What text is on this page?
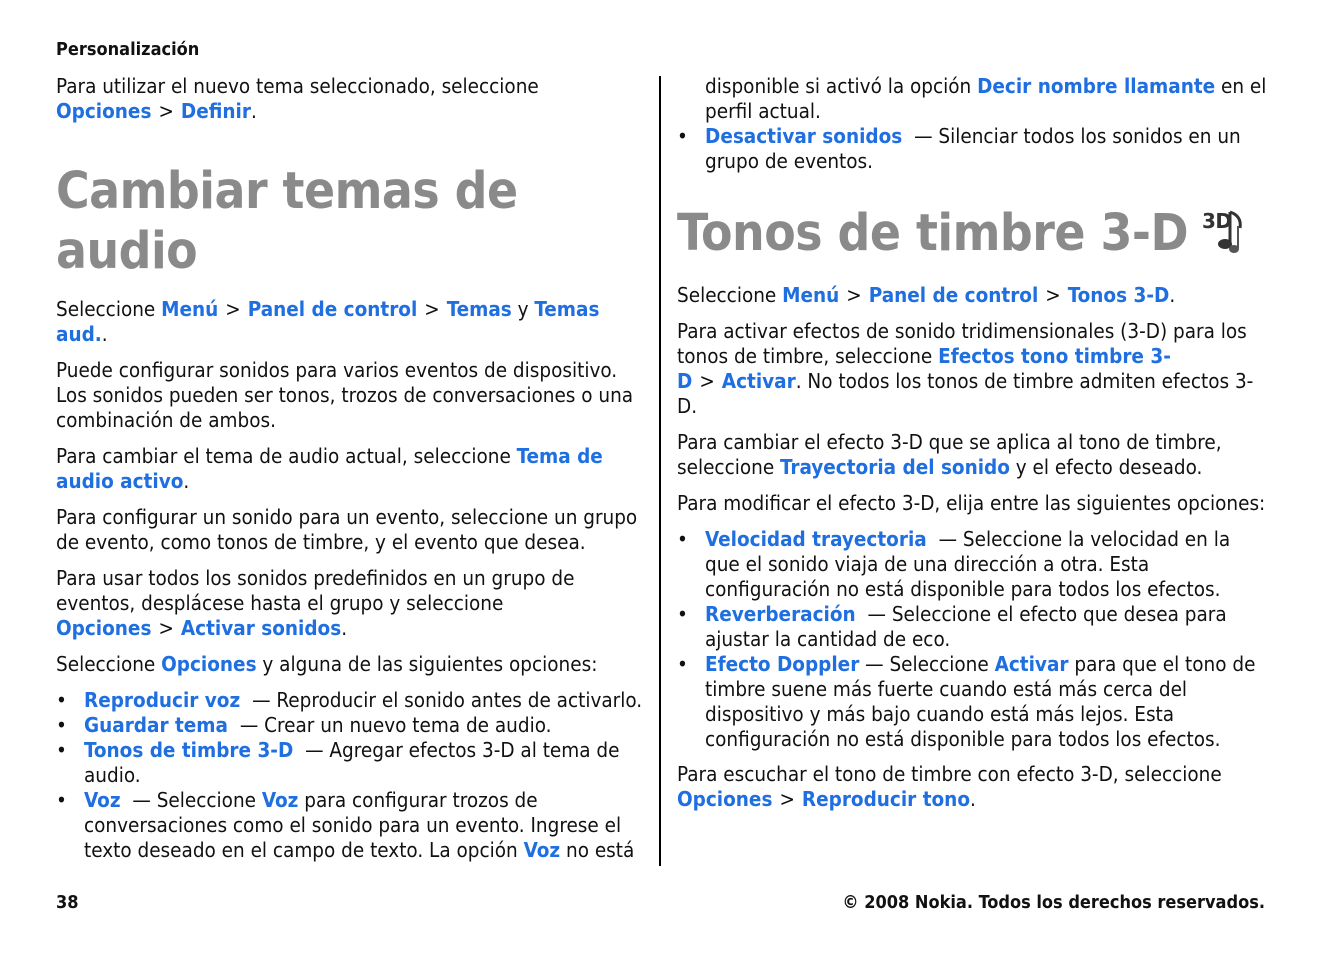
Personalización

Para utilizar el nuevo tema seleccionado, seleccione Opciones > Definir.

Cambiar temas de audio

Seleccione Menú > Panel de control > Temas y Temas aud..

Puede configurar sonidos para varios eventos de dispositivo. Los sonidos pueden ser tonos, trozos de conversaciones o una combinación de ambos.

Para cambiar el tema de audio actual, seleccione Tema de audio activo.

Para configurar un sonido para un evento, seleccione un grupo de evento, como tonos de timbre, y el evento que desea.

Para usar todos los sonidos predefinidos en un grupo de eventos, desplácese hasta el grupo y seleccione Opciones > Activar sonidos.

Seleccione Opciones y alguna de las siguientes opciones:

• Reproducir voz — Reproducir el sonido antes de activarlo.
• Guardar tema — Crear un nuevo tema de audio.
• Tonos de timbre 3-D — Agregar efectos 3-D al tema de audio.
• Voz — Seleccione Voz para configurar trozos de conversaciones como el sonido para un evento. Ingrese el texto deseado en el campo de texto. La opción Voz no está

disponible si activó la opción Decir nombre llamante en el perfil actual.

• Desactivar sonidos — Silenciar todos los sonidos en un grupo de eventos.
Tonos de timbre 3-D 3D

Seleccione Menú > Panel de control > Tonos 3-D.

Para activar efectos de sonido tridimensionales (3-D) para los tonos de timbre, seleccione Efectos tono timbre 3-D > Activar. No todos los tonos de timbre admiten efectos 3-D.

Para cambiar el efecto 3-D que se aplica al tono de timbre, seleccione Trayectoria del sonido y el efecto deseado.

Para modificar el efecto 3-D, elija entre las siguientes opciones:

• Velocidad trayectoria — Seleccione la velocidad en la que el sonido viaja de una dirección a otra. Esta configuración no está disponible para todos los efectos.
• Reverberación — Seleccione el efecto que desea para ajustar la cantidad de eco.
• Efecto Doppler — Seleccione Activar para que el tono de timbre suene más fuerte cuando está más cerca del dispositivo y más bajo cuando está más lejos. Esta configuración no está disponible para todos los efectos.

Para escuchar el tono de timbre con efecto 3-D, seleccione Opciones > Reproducir tono.

38	© 2008 Nokia. Todos los derechos reservados.
